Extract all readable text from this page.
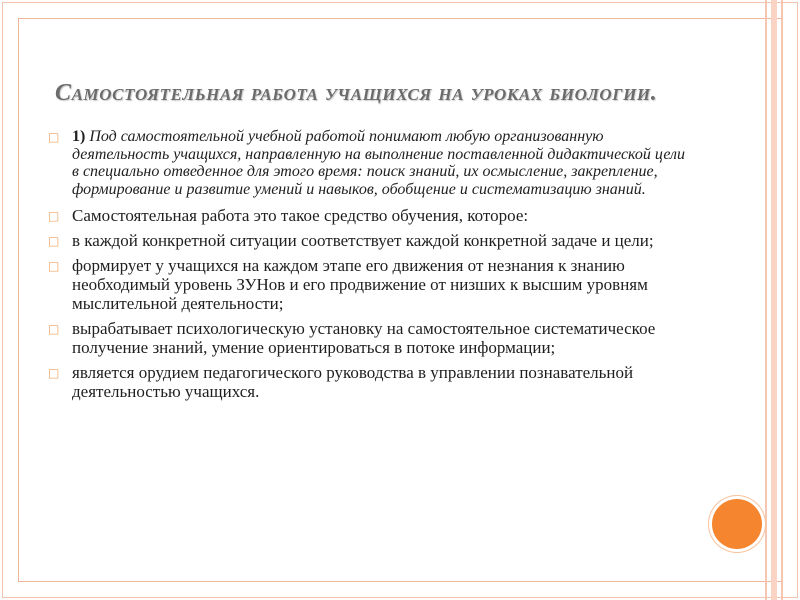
Самостоятельная работа учащихся на уроках биологии.
□ 1) Под самостоятельной учебной работой понимают любую организованную деятельность учащихся, направленную на выполнение поставленной дидактической цели в специально отведенное для этого время: поиск знаний, их осмысление, закрепление, формирование и развитие умений и навыков, обобщение и систематизацию знаний.
□ Самостоятельная работа это такое средство обучения, которое:
□ в каждой конкретной ситуации соответствует каждой конкретной задаче и цели;
□ формирует у учащихся на каждом этапе его движения от незнания к знанию необходимый уровень ЗУНов и его продвижение от низших к высшим уровням мыслительной деятельности;
□ вырабатывает психологическую установку на самостоятельное систематическое получение знаний, умение ориентироваться в потоке информации;
□ является орудием педагогического руководства в управлении познавательной деятельностью учащихся.
